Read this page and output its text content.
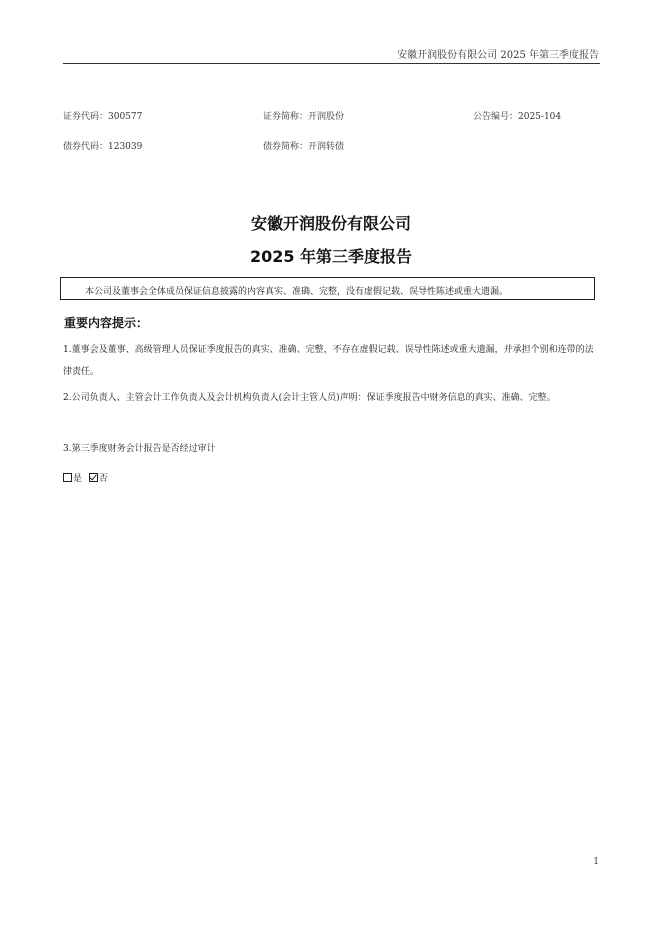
安徽开润股份有限公司 2025 年第三季度报告
证券代码：300577	证券简称：开润股份	公告编号：2025-104
债券代码：123039	债券简称：开润转债
安徽开润股份有限公司
2025 年第三季度报告
本公司及董事会全体成员保证信息披露的内容真实、准确、完整，没有虚假记载、误导性陈述或重大遗漏。
重要内容提示：
1.董事会及董事、高级管理人员保证季度报告的真实、准确、完整，不存在虚假记载、误导性陈述或重大遗漏，并承担个别和连带的法律责任。
2.公司负责人、主管会计工作负责人及会计机构负责人(会计主管人员)声明：保证季度报告中财务信息的真实、准确、完整。
3.第三季度财务会计报告是否经过审计
是 否
1
